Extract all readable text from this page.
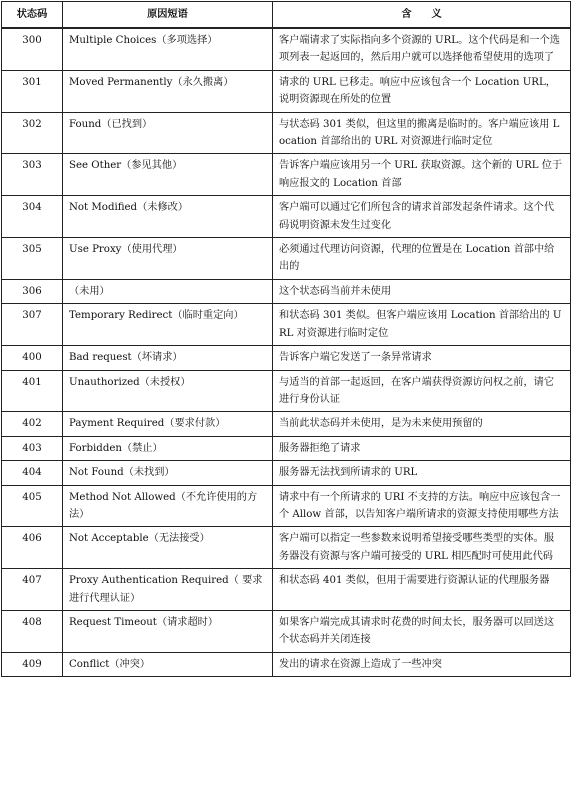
状态码	原因短语	含义
300	Multiple Choices（多项选择）	客户端请求了实际指向多个资源的 URL。这个代码是和一个选项列表一起返回的，然后用户就可以选择他希望使用的选项了
301	Moved Permanently（永久搬离）	请求的 URL 已移走。响应中应该包含一个 Location URL，说明资源现在所处的位置
302	Found（已找到）	与状态码 301 类似，但这里的搬离是临时的。客户端应该用 Location 首部给出的 URL 对资源进行临时定位
303	See Other（参见其他）	告诉客户端应该用另一个 URL 获取资源。这个新的 URL 位于响应报文的 Location 首部
304	Not Modified（未修改）	客户端可以通过它们所包含的请求首部发起条件请求。这个代码说明资源未发生过变化
305	Use Proxy（使用代理）	必须通过代理访问资源，代理的位置是在 Location 首部中给出的
306	（未用）	这个状态码当前并未使用
307	Temporary Redirect（临时重定向）	和状态码 301 类似。但客户端应该用 Location 首部给出的 URL 对资源进行临时定位
400	Bad request（坏请求）	告诉客户端它发送了一条异常请求
401	Unauthorized（未授权）	与适当的首部一起返回，在客户端获得资源访问权之前，请它进行身份认证
402	Payment Required（要求付款）	当前此状态码并未使用，是为未来使用预留的
403	Forbidden（禁止）	服务器拒绝了请求
404	Not Found（未找到）	服务器无法找到所请求的 URL
405	Method Not Allowed（不允许使用的方法）	请求中有一个所请求的 URI 不支持的方法。响应中应该包含一个 Allow 首部，以告知客户端所请求的资源支持使用哪些方法
406	Not Acceptable（无法接受）	客户端可以指定一些参数来说明希望接受哪些类型的实体。服务器没有资源与客户端可接受的 URL 相匹配时可使用此代码
407	Proxy Authentication Required（ 要求进行代理认证）	和状态码 401 类似，但用于需要进行资源认证的代理服务器
408	Request Timeout（请求超时）	如果客户端完成其请求时花费的时间太长，服务器可以回送这个状态码并关闭连接
409	Conflict（冲突）	发出的请求在资源上造成了一些冲突
